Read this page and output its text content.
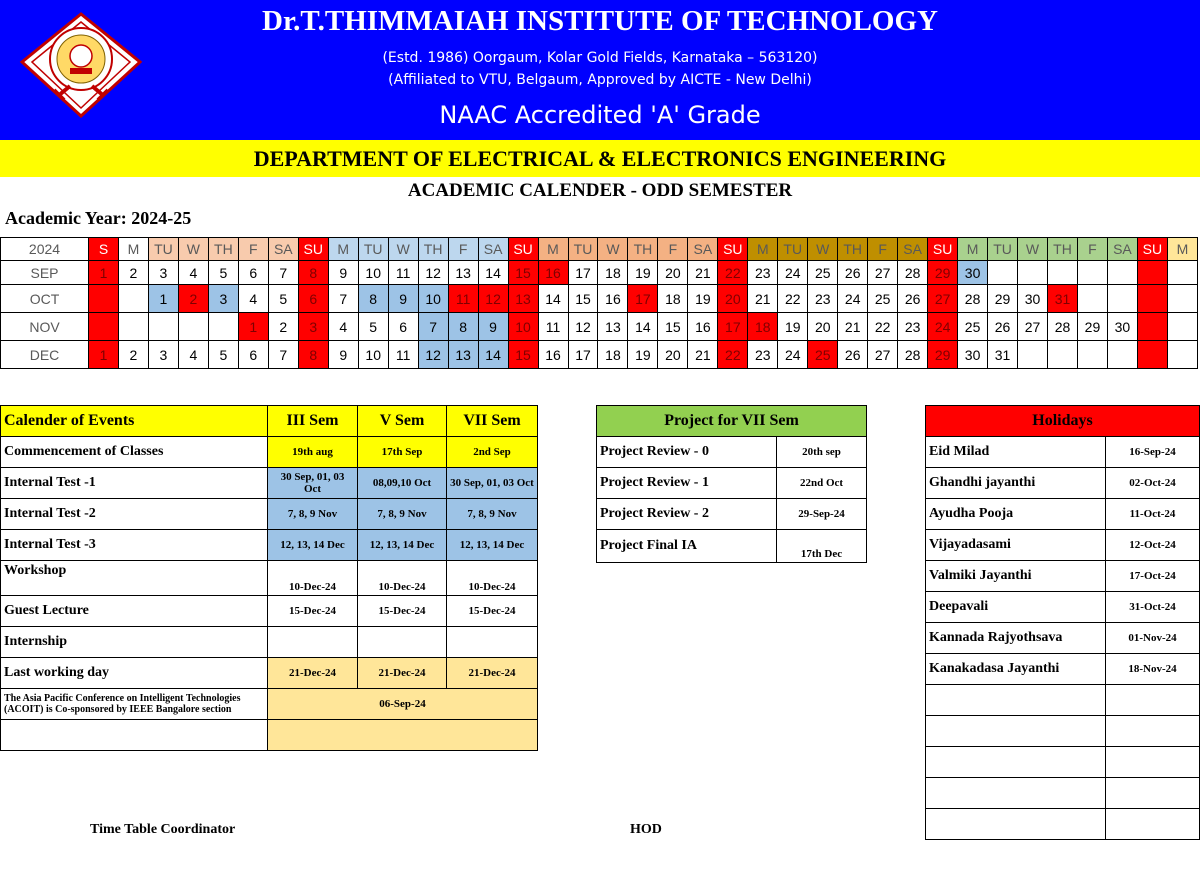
Dr.T.THIMMAIAH INSTITUTE OF TECHNOLOGY
(Estd. 1986) Oorgaum, Kolar Gold Fields, Karnataka – 563120)
(Affiliated to VTU, Belgaum, Approved by AICTE - New Delhi)
NAAC Accredited 'A' Grade
DEPARTMENT OF ELECTRICAL & ELECTRONICS ENGINEERING
ACADEMIC CALENDER - ODD SEMESTER
Academic Year: 2024-25
2024	S	M	TU	W	TH	F	SA	SU	M	TU	W	TH	F	SA	SU	M	TU	W	TH	F	SA	SU	M	TU	W	TH	F	SA	SU	M	TU	W	TH	F	SA	SU	M
SEP	1	2	3	4	5	6	7	8	9	10	11	12	13	14	15	16	17	18	19	20	21	22	23	24	25	26	27	28	29	30							
OCT			1	2	3	4	5	6	7	8	9	10	11	12	13	14	15	16	17	18	19	20	21	22	23	24	25	26	27	28	29	30	31				
NOV						1	2	3	4	5	6	7	8	9	10	11	12	13	14	15	16	17	18	19	20	21	22	23	24	25	26	27	28	29	30		
DEC	1	2	3	4	5	6	7	8	9	10	11	12	13	14	15	16	17	18	19	20	21	22	23	24	25	26	27	28	29	30	31						
Calender of Events	III Sem	V Sem	VII Sem
Commencement of Classes	19th aug	17th Sep	2nd Sep
Internal Test -1	30 Sep, 01, 03 Oct	08,09,10 Oct	30 Sep, 01, 03 Oct
Internal Test -2	7, 8, 9 Nov	7, 8, 9 Nov	7, 8, 9 Nov
Internal Test -3	12, 13, 14 Dec	12, 13, 14 Dec	12, 13, 14 Dec
Workshop	10-Dec-24	10-Dec-24	10-Dec-24
Guest Lecture	15-Dec-24	15-Dec-24	15-Dec-24
Internship			
Last working day	21-Dec-24	21-Dec-24	21-Dec-24
The Asia Pacific Conference on Intelligent Technologies (ACOIT) is Co-sponsored by IEEE Bangalore section	06-Sep-24		

Project for VII Sem	
Project Review - 0	20th sep
Project Review - 1	22nd Oct
Project Review - 2	29-Sep-24
Project Final IA	17th Dec
Holidays	
Eid Milad	16-Sep-24
Ghandhi jayanthi	02-Oct-24
Ayudha Pooja	11-Oct-24
Vijayadasami	12-Oct-24
Valmiki Jayanthi	17-Oct-24
Deepavali	31-Oct-24
Kannada Rajyothsava	01-Nov-24
Kanakadasa Jayanthi	18-Nov-24

Time Table Coordinator	HOD
